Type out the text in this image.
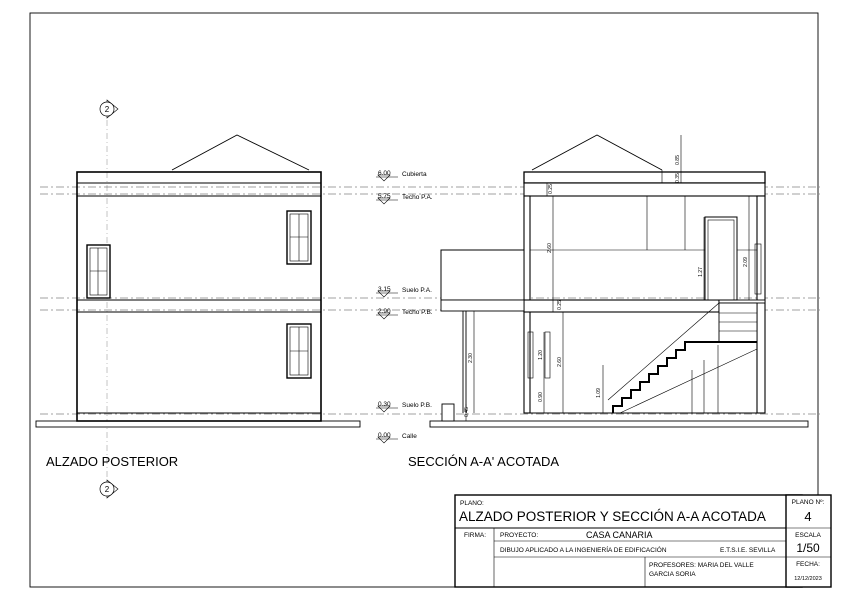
2
2
ALZADO POSTERIOR
6.00 Cubierta
5.75 Techo P.A.
3.15 Suelo P.A.
2.90 Techo P.B.
0.30 Suelo P.B.
0.00 Calle
0.85
0.35
0.25
2.60
1.27
2.09
0.25
2.30	1.20
2.60
0.90	1.09
0.45
SECCIÓN A-A' ACOTADA
PLANO:
ALZADO POSTERIOR Y SECCIÓN A-A ACOTADA
PLANO Nº:
4
FIRMA: PROYECTO:	CASA CANARIA	ESCALA
1/50
DIBUJO APLICADO A LA INGENIERÍA DE EDIFICACIÓN	E.T.S.I.E. SEVILLA
PROFESORES: MARIA DEL VALLE
GARCIA SORIA
FECHA:
12/12/2023
